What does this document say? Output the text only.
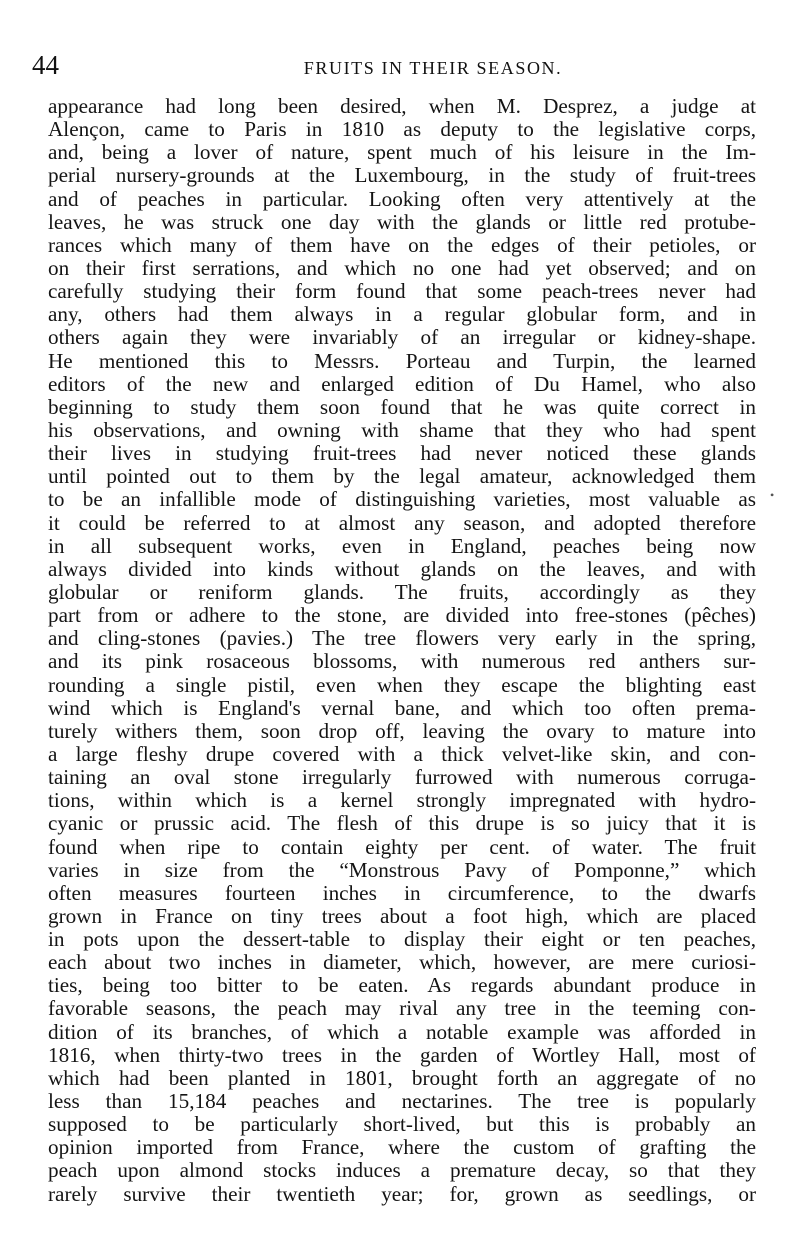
44	FRUITS IN THEIR SEASON.
appearance had long been desired, when M. Desprez, a judge at
Alençon, came to Paris in 1810 as deputy to the legislative corps,
and, being a lover of nature, spent much of his leisure in the Im-
perial nursery-grounds at the Luxembourg, in the study of fruit-trees
and of peaches in particular. Looking often very attentively at the
leaves, he was struck one day with the glands or little red protube-
rances which many of them have on the edges of their petioles, or
on their first serrations, and which no one had yet observed; and on
carefully studying their form found that some peach-trees never had
any, others had them always in a regular globular form, and in
others again they were invariably of an irregular or kidney-shape.
He mentioned this to Messrs. Porteau and Turpin, the learned
editors of the new and enlarged edition of Du Hamel, who also
beginning to study them soon found that he was quite correct in
his observations, and owning with shame that they who had spent
their lives in studying fruit-trees had never noticed these glands
until pointed out to them by the legal amateur, acknowledged them
to be an infallible mode of distinguishing varieties, most valuable as
it could be referred to at almost any season, and adopted therefore
in all subsequent works, even in England, peaches being now
always divided into kinds without glands on the leaves, and with
globular or reniform glands. The fruits, accordingly as they
part from or adhere to the stone, are divided into free-stones (pêches)
and cling-stones (pavies.) The tree flowers very early in the spring,
and its pink rosaceous blossoms, with numerous red anthers sur-
rounding a single pistil, even when they escape the blighting east
wind which is England's vernal bane, and which too often prema-
turely withers them, soon drop off, leaving the ovary to mature into
a large fleshy drupe covered with a thick velvet-like skin, and con-
taining an oval stone irregularly furrowed with numerous corruga-
tions, within which is a kernel strongly impregnated with hydro-
cyanic or prussic acid. The flesh of this drupe is so juicy that it is
found when ripe to contain eighty per cent. of water. The fruit
varies in size from the “Monstrous Pavy of Pomponne,” which
often measures fourteen inches in circumference, to the dwarfs
grown in France on tiny trees about a foot high, which are placed
in pots upon the dessert-table to display their eight or ten peaches,
each about two inches in diameter, which, however, are mere curiosi-
ties, being too bitter to be eaten. As regards abundant produce in
favorable seasons, the peach may rival any tree in the teeming con-
dition of its branches, of which a notable example was afforded in
1816, when thirty-two trees in the garden of Wortley Hall, most of
which had been planted in 1801, brought forth an aggregate of no
less than 15,184 peaches and nectarines. The tree is popularly
supposed to be particularly short-lived, but this is probably an
opinion imported from France, where the custom of grafting the
peach upon almond stocks induces a premature decay, so that they
rarely survive their twentieth year; for, grown as seedlings, or
•
